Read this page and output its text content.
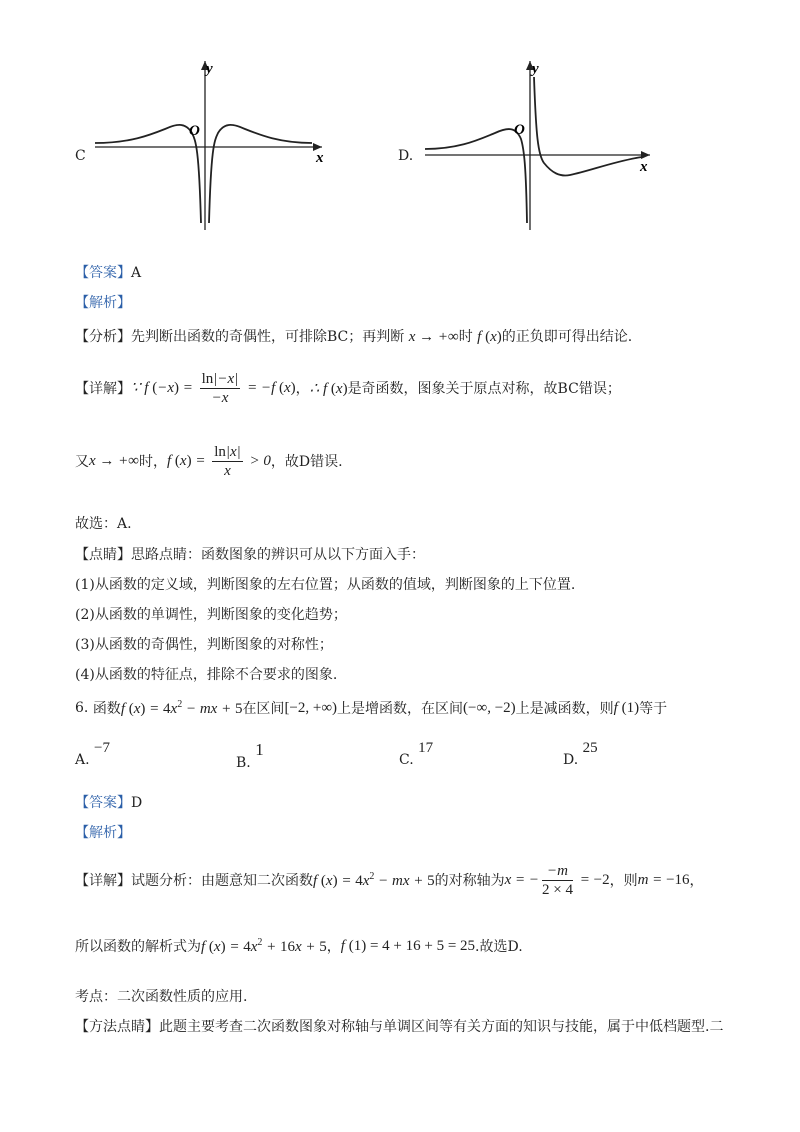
C
y
x
O
D.
y
x
O
【答案】A
【解析】
【分析】先判断出函数的奇偶性，可排除BC；再判断 x → +∞时 f (x)的正负即可得出结论.
【详解】 ∵ f $(-x) = \frac{\ln|-x|}{-x} = -f$ (x) ， ∴ f (x) 是奇函数，图象关于原点对称，故BC错误；
又 x → +∞ 时， f $(x) = \frac{\ln|x|}{x} > 0$ ，故D错误.
故选：A.
【点睛】思路点睛：函数图象的辨识可从以下方面入手：
(1)从函数的定义域，判断图象的左右位置；从函数的值域，判断图象的上下位置.
(2)从函数的单调性，判断图象的变化趋势；
(3)从函数的奇偶性，判断图象的对称性；
(4)从函数的特征点，排除不合要求的图象.
6.
函数 f $(x) = 4x^2$ − mx + 5 在区间 [−2, +∞) 上是增函数，在区间 (−∞, −2) 上是减函数，则 f (1) 等于
A. −7
B. 1
C. 17
D. 25
【答案】D
【解析】
【详解】 试题分析：由题意知二次函数 f $(x) = 4x^2$ − mx + 5 的对称轴为 x = − $\frac{-m}{2 \times 4} = -2$ ，则 m = −16 ，
所以函数的解析式为 f $(x) = 4x^2 + 16x + 5$ ， f (1) = 4 + 16 + 5 = 25 .故选D.
考点：二次函数性质的应用.
【方法点睛】此题主要考查二次函数图象对称轴与单调区间等有关方面的知识与技能，属于中低档题型.二
